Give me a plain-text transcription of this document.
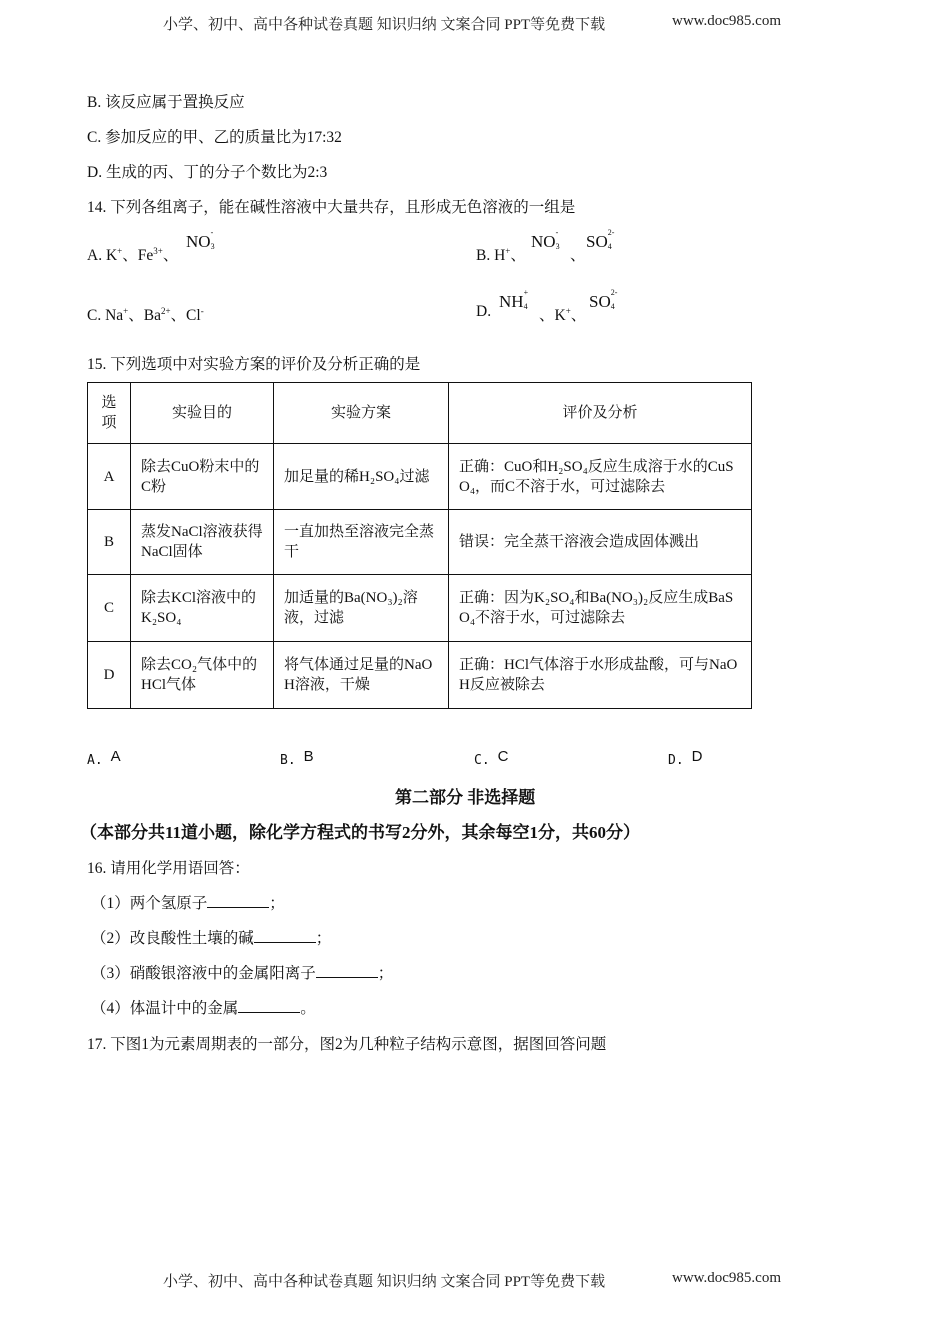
小学、初中、高中各种试卷真题 知识归纳 文案合同 PPT等免费下载	www.doc985.com
B. 该反应属于置换反应
C. 参加反应的甲、乙的质量比为17:32
D. 生成的丙、丁的分子个数比为2:3
14. 下列各组离子，能在碱性溶液中大量共存，且形成无色溶液的一组是
A. K+、$Fe^{3+}$、
NO -
3
B. H+、
NO -
3
、
SO 2-
4
C. Na+、$Ba^{2+}$、Cl-	D.
NH +
4
、K+、
SO 2-
4
15. 下列选项中对实验方案的评价及分析正确的是
选项	实验目的	实验方案	评价及分析
A	除去CuO粉末中的C粉	加足量的稀H₂SO₄过滤	正确：CuO和H₂SO₄反应生成溶于水的CuSO₄，而C不溶于水，可过滤除去
B	蒸发NaCl溶液获得NaCl固体	一直加热至溶液完全蒸干	错误：完全蒸干溶液会造成固体溅出
C	除去KCl溶液中的K₂SO₄	加适量的Ba(NO₃)₂溶液，过滤	正确：因为K₂SO₄和Ba(NO₃)₂反应生成BaSO₄不溶于水，可过滤除去
D	除去CO₂气体中的HCl气体	将气体通过足量的NaOH溶液，干燥	正确：HCl气体溶于水形成盐酸，可与NaOH反应被除去
A. A	B. B	C. C	D. D
第二部分 非选择题
（本部分共11道小题，除化学方程式的书写2分外，其余每空1分，共60分）
16. 请用化学用语回答：
（1）两个氢原子	；
（2）改良酸性土壤的碱	；
（3）硝酸银溶液中的金属阳离子	；
（4）体温计中的金属	。
17. 下图1为元素周期表的一部分，图2为几种粒子结构示意图，据图回答问题
小学、初中、高中各种试卷真题 知识归纳 文案合同 PPT等免费下载	www.doc985.com
